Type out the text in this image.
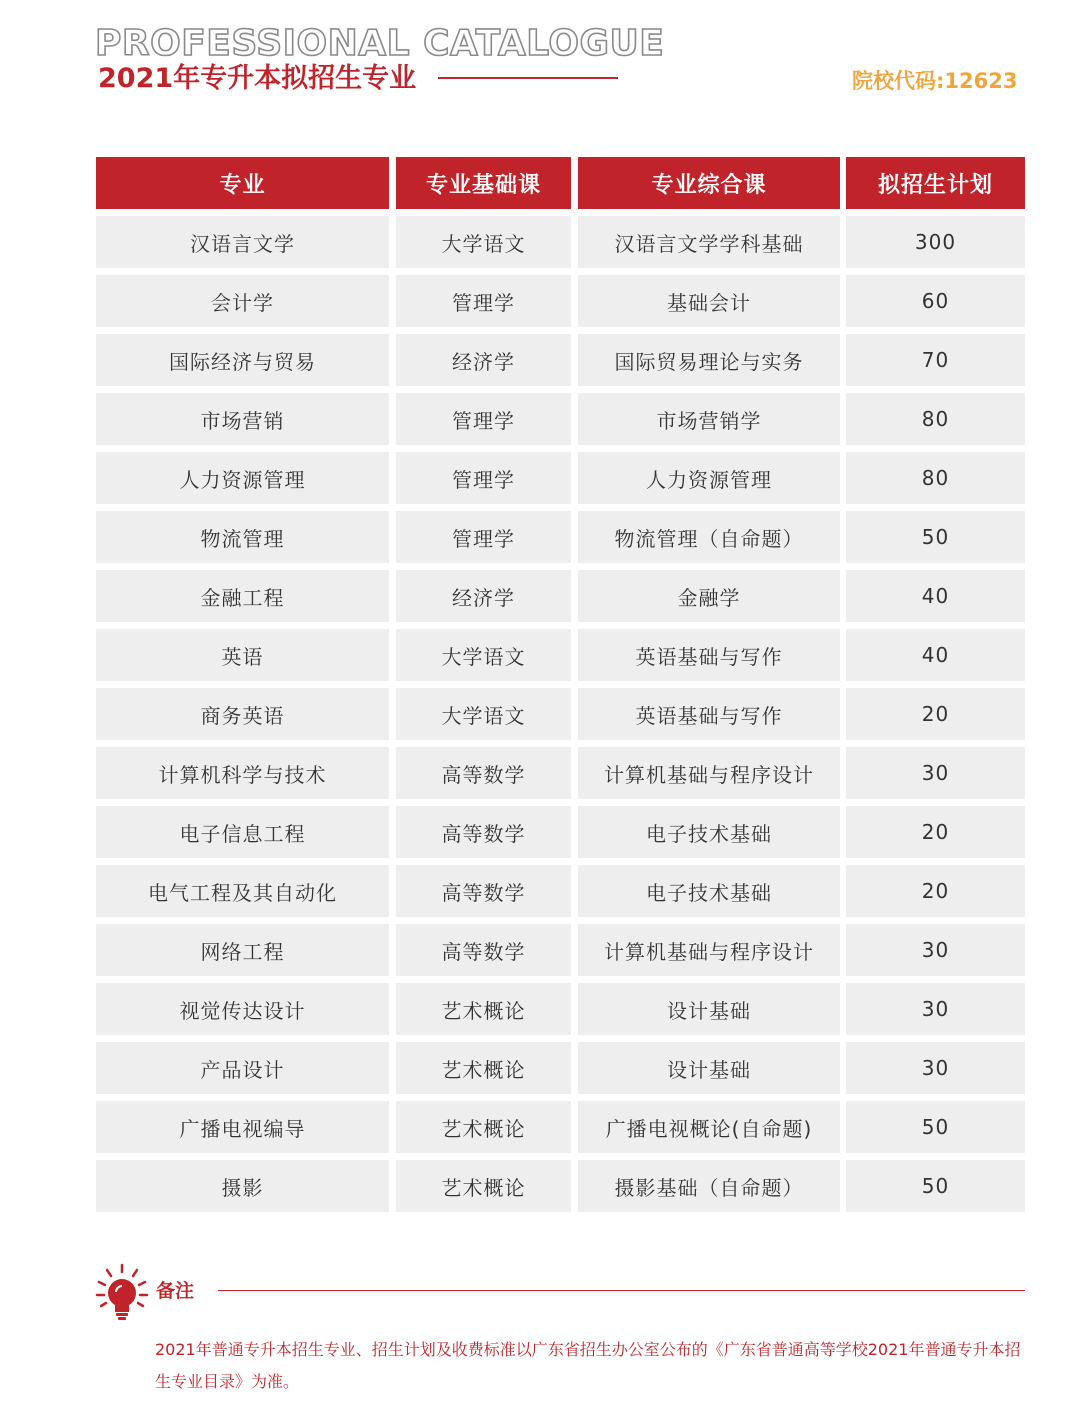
PROFESSIONAL CATALOGUE
2021年专升本拟招生专业	院校代码:12623
专业	专业基础课	专业综合课	拟招生计划
汉语言文学	大学语文	汉语言文学学科基础	300
会计学	管理学	基础会计	60
国际经济与贸易	经济学	国际贸易理论与实务	70
市场营销	管理学	市场营销学	80
人力资源管理	管理学	人力资源管理	80
物流管理	管理学	物流管理（自命题）	50
金融工程	经济学	金融学	40
英语	大学语文	英语基础与写作	40
商务英语	大学语文	英语基础与写作	20
计算机科学与技术	高等数学	计算机基础与程序设计	30
电子信息工程	高等数学	电子技术基础	20
电气工程及其自动化	高等数学	电子技术基础	20
网络工程	高等数学	计算机基础与程序设计	30
视觉传达设计	艺术概论	设计基础	30
产品设计	艺术概论	设计基础	30
广播电视编导	艺术概论	广播电视概论(自命题)	50
摄影	艺术概论	摄影基础（自命题）	50
备注
2021年普通专升本招生专业、招生计划及收费标准以广东省招生办公室公布的《广东省普通高等学校2021年普通专升本招生专业目录》为准。
